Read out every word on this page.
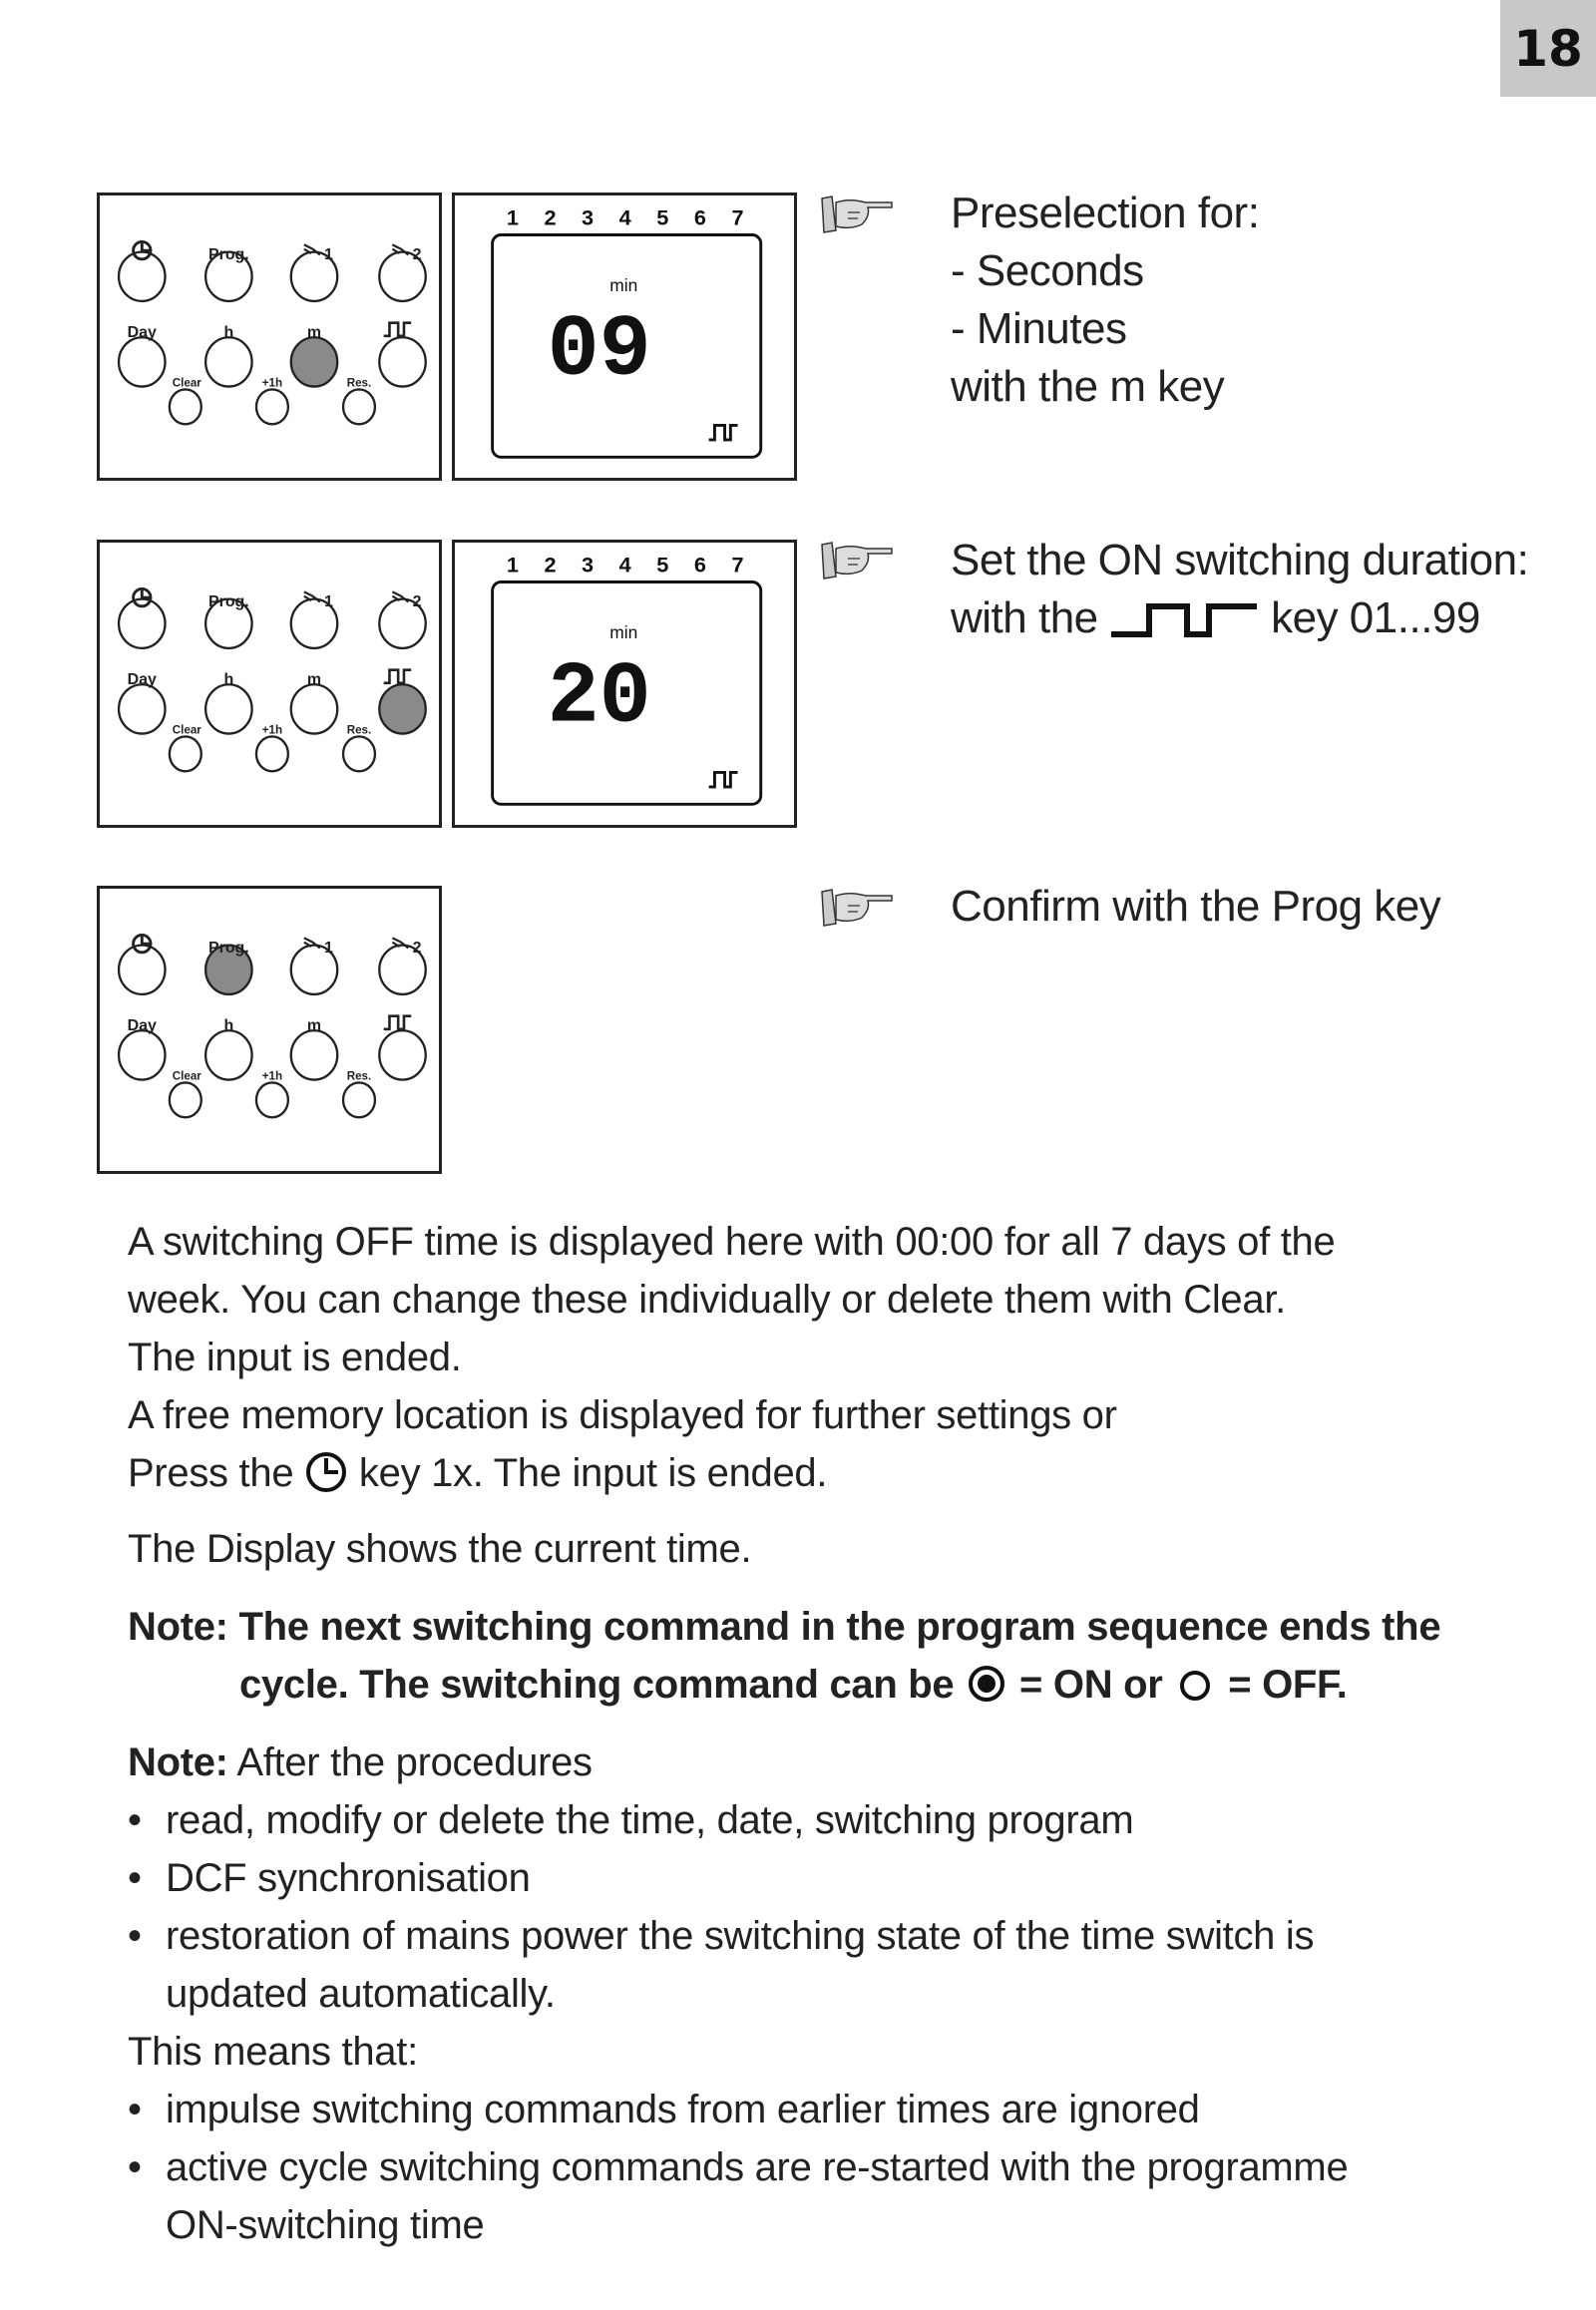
18
Prog.	1	2
Day	h	m
Clear	+1h	Res.
1 2 3 4 5 6 7
min
09
Preselection for:
- Seconds
- Minutes
with the m key
Prog.	1	2
Day	h	m
Clear	+1h	Res.
1 2 3 4 5 6 7
min
20
Set the ON switching duration:
with the	key 01...99
Prog.	1	2
Day	h	m
Clear	+1h	Res.
Confirm with the Prog key
A switching OFF time is displayed here with 00:00 for all 7 days of the
week. You can change these individually or delete them with Clear.
The input is ended.
A free memory location is displayed for further settings or
Press the key 1x. The input is ended.
The Display shows the current time.
Note: The next switching command in the program sequence ends the
cycle. The switching command can be = ON or = OFF.
Note: After the procedures
• read, modify or delete the time, date, switching program
• DCF synchronisation
• restoration of mains power the switching state of the time switch is
updated automatically.
This means that:
• impulse switching commands from earlier times are ignored
• active cycle switching commands are re-started with the programme
ON-switching time
